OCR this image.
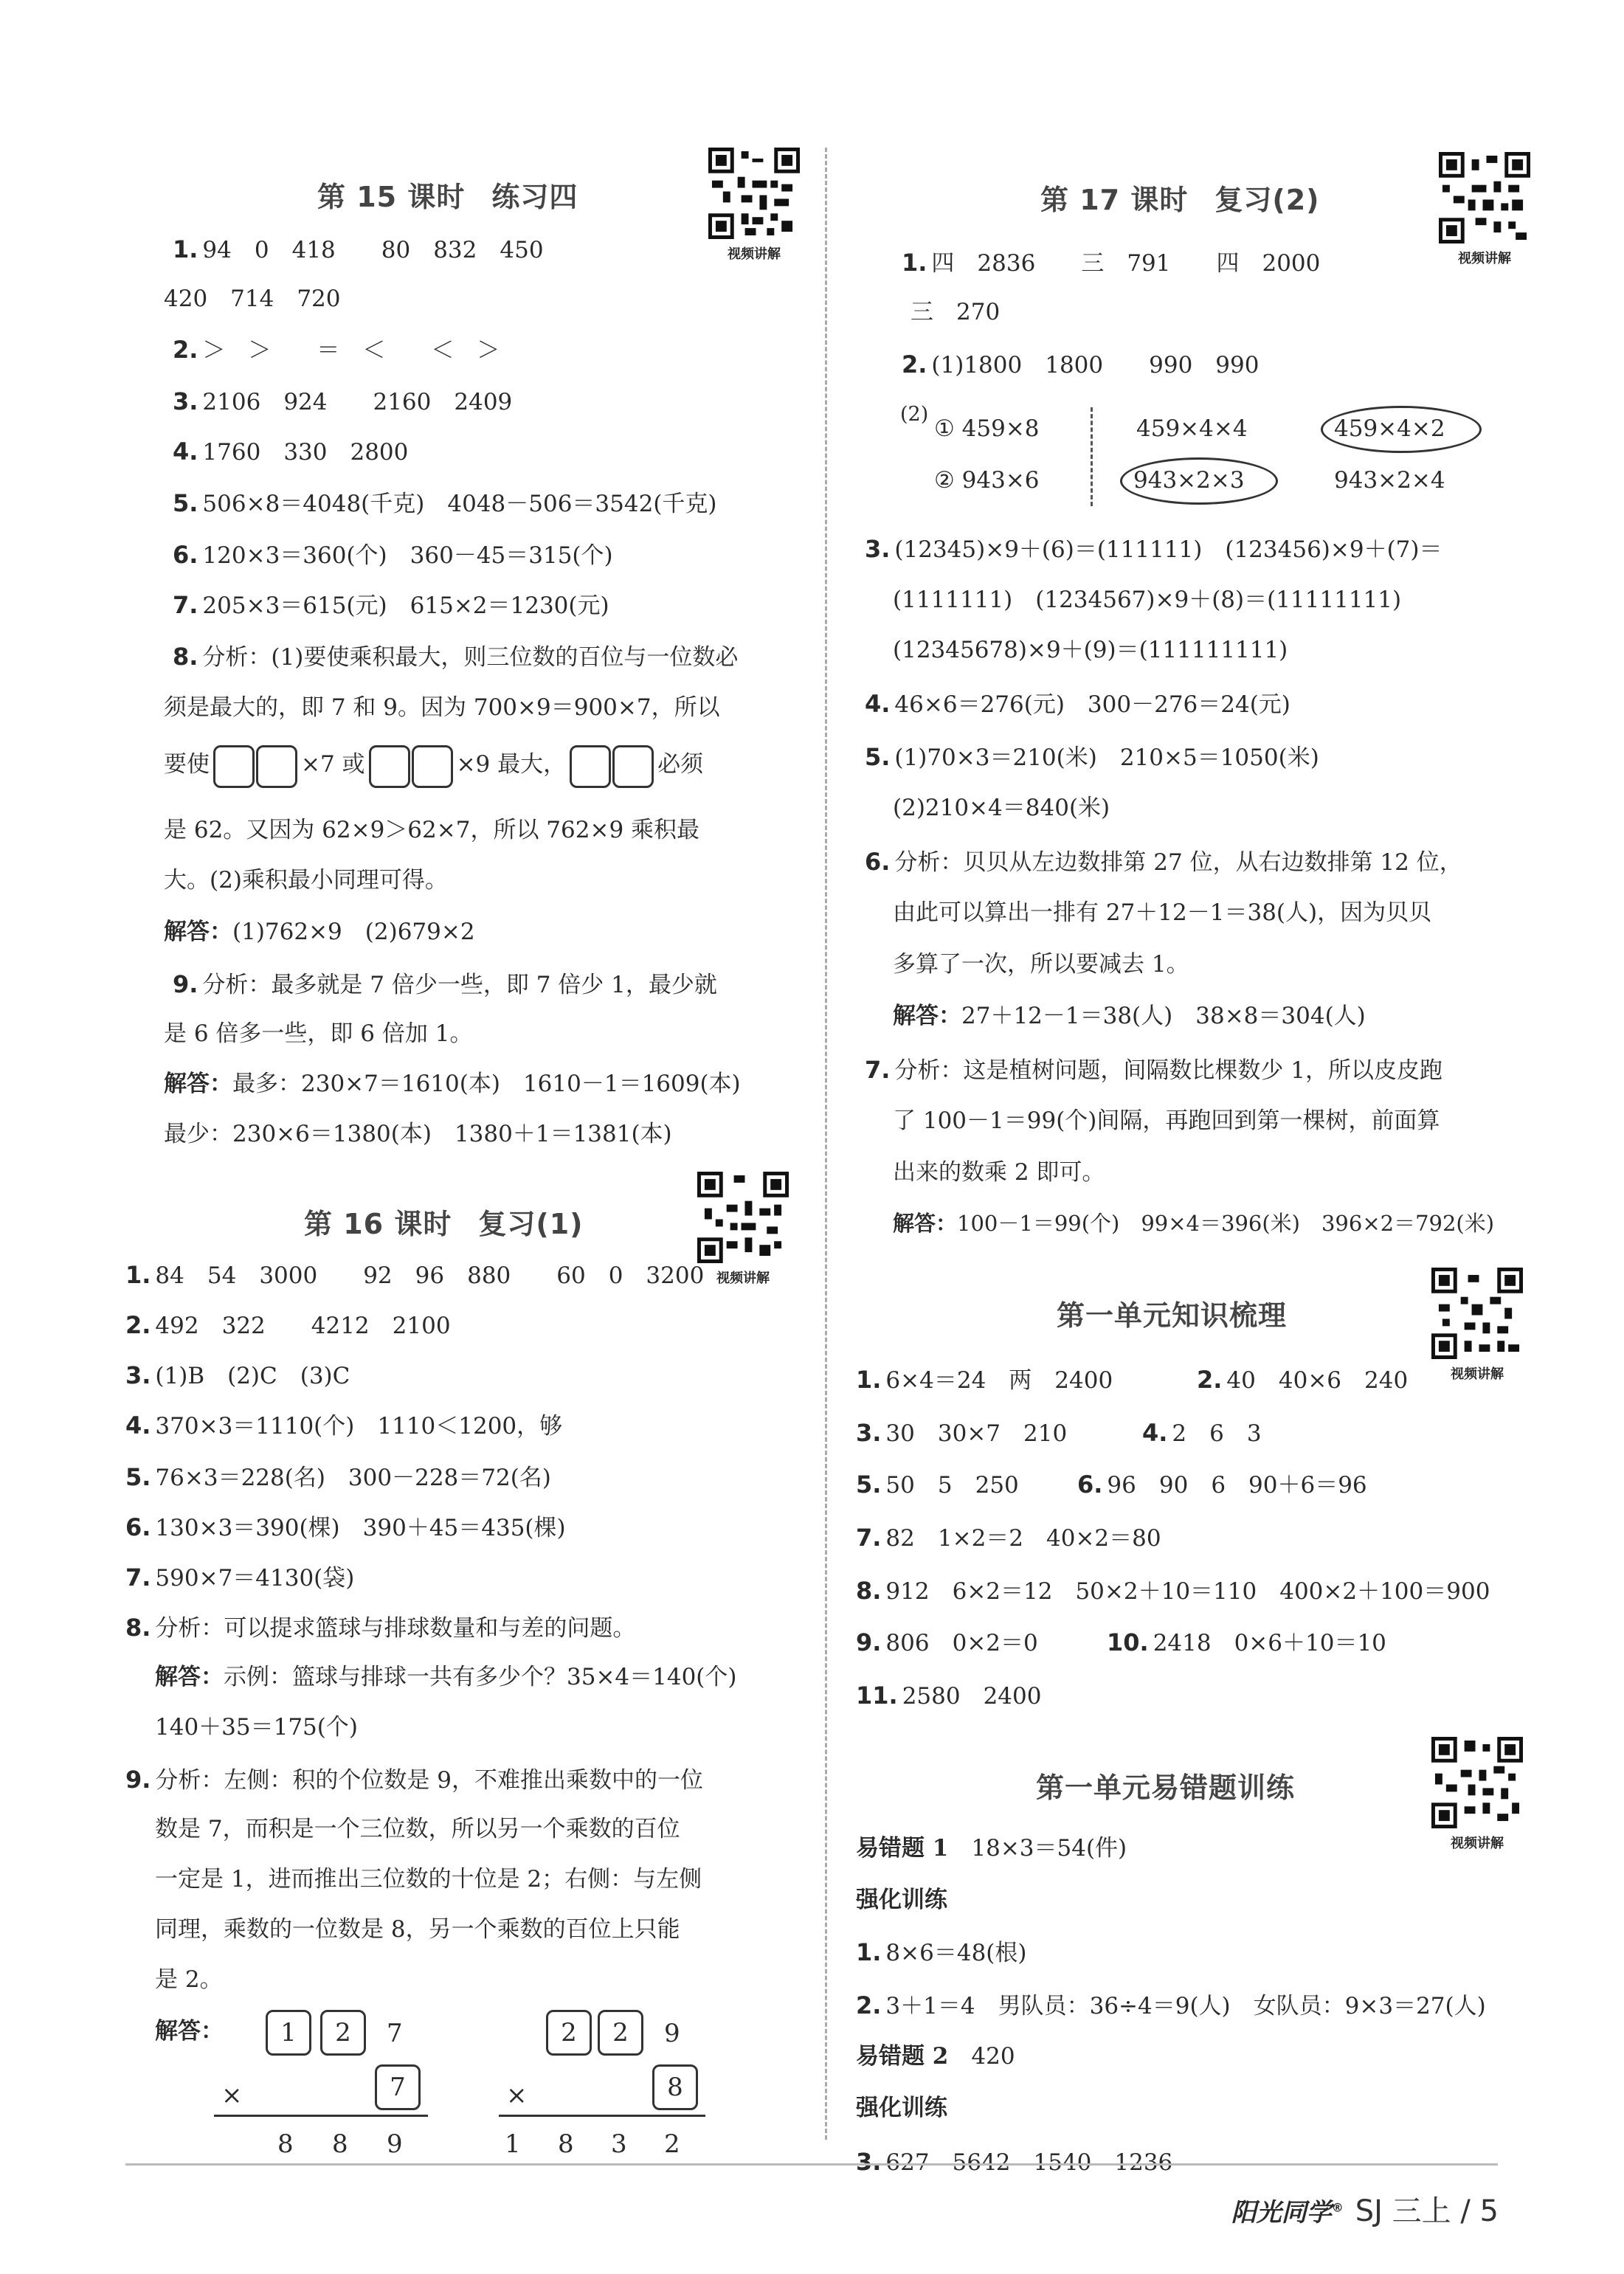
第 15 课时 练习四
视频讲解
1. 94　0　418　　80　832　450
420　714　720
2. ＞　＞　　＝　＜　　＜　＞
3. 2106　924　　2160　2409
4. 1760　330　2800
5. 506×8＝4048(千克)　4048－506＝3542(千克)
6. 120×3＝360(个)　360－45＝315(个)
7. 205×3＝615(元)　615×2＝1230(元)
8. 分析：(1)要使乘积最大，则三位数的百位与一位数必
须是最大的，即 7 和 9。因为 700×9＝900×7，所以
要使	×7 或	×9 最大，	必须
是 62。又因为 62×9＞62×7，所以 762×9 乘积最
大。(2)乘积最小同理可得。
解答：(1)762×9　(2)679×2
9. 分析：最多就是 7 倍少一些，即 7 倍少 1，最少就
是 6 倍多一些，即 6 倍加 1。
解答：最多：230×7＝1610(本)　1610－1＝1609(本)
最少：230×6＝1380(本)　1380＋1＝1381(本)
第 16 课时 复习(1)
视频讲解
1. 84　54　3000　　92　96　880　　60　0　3200
2. 492　322　　4212　2100
3. (1)B　(2)C　(3)C
4. 370×3＝1110(个)　1110＜1200，够
5. 76×3＝228(名)　300－228＝72(名)
6. 130×3＝390(棵)　390＋45＝435(棵)
7. 590×7＝4130(袋)
8. 分析：可以提求篮球与排球数量和与差的问题。
解答：示例：篮球与排球一共有多少个？35×4＝140(个)
140＋35＝175(个)
9. 分析：左侧：积的个位数是 9，不难推出乘数中的一位
数是 7，而积是一个三位数，所以另一个乘数的百位
一定是 1，进而推出三位数的十位是 2；右侧：与左侧
同理，乘数的一位数是 8，另一个乘数的百位上只能
是 2。
解答：	1	2	7
7
×
8 8 9
2	2	9
8
×
1 8 3 2
第 17 课时 复习(2)
视频讲解
1. 四　2836　　三　791　　四　2000
三　270
2. (1)1800　1800　　990　990
(2)
① 459×8	459×4×4	459×4×2
② 943×6	943×2×3	943×2×4
3. (12345)×9＋(6)＝(111111)　(123456)×9＋(7)＝
(1111111)　(1234567)×9＋(8)＝(11111111)
(12345678)×9＋(9)＝(111111111)
4. 46×6＝276(元)　300－276＝24(元)
5. (1)70×3＝210(米)　210×5＝1050(米)
(2)210×4＝840(米)
6. 分析：贝贝从左边数排第 27 位，从右边数排第 12 位，
由此可以算出一排有 27＋12－1＝38(人)，因为贝贝
多算了一次，所以要减去 1。
解答：27＋12－1＝38(人)　38×8＝304(人)
7. 分析：这是植树问题，间隔数比棵数少 1，所以皮皮跑
了 100－1＝99(个)间隔，再跑回到第一棵树，前面算
出来的数乘 2 即可。
解答：100－1＝99(个)　99×4＝396(米)　396×2＝792(米)
第一单元知识梳理
视频讲解
1. 6×4＝24　两　2400	2. 40　40×6　240
3. 30　30×7　210	4. 2　6　3
5. 50　5　250 6. 96　90　6　90＋6＝96
7. 82　1×2＝2　40×2＝80
8. 912　6×2＝12　50×2＋10＝110　400×2＋100＝900
9. 806　0×2＝0	10. 2418　0×6＋10＝10
11. 2580　2400
第一单元易错题训练
视频讲解
易错题 1　 18×3＝54(件)
强化训练
1. 8×6＝48(根)
2. 3＋1＝4　男队员：36÷4＝9(人)　女队员：9×3＝27(人)
易错题 2　 420
强化训练
3. 627　5642　1540　1236
阳光同学® SJ 三上 / 5
